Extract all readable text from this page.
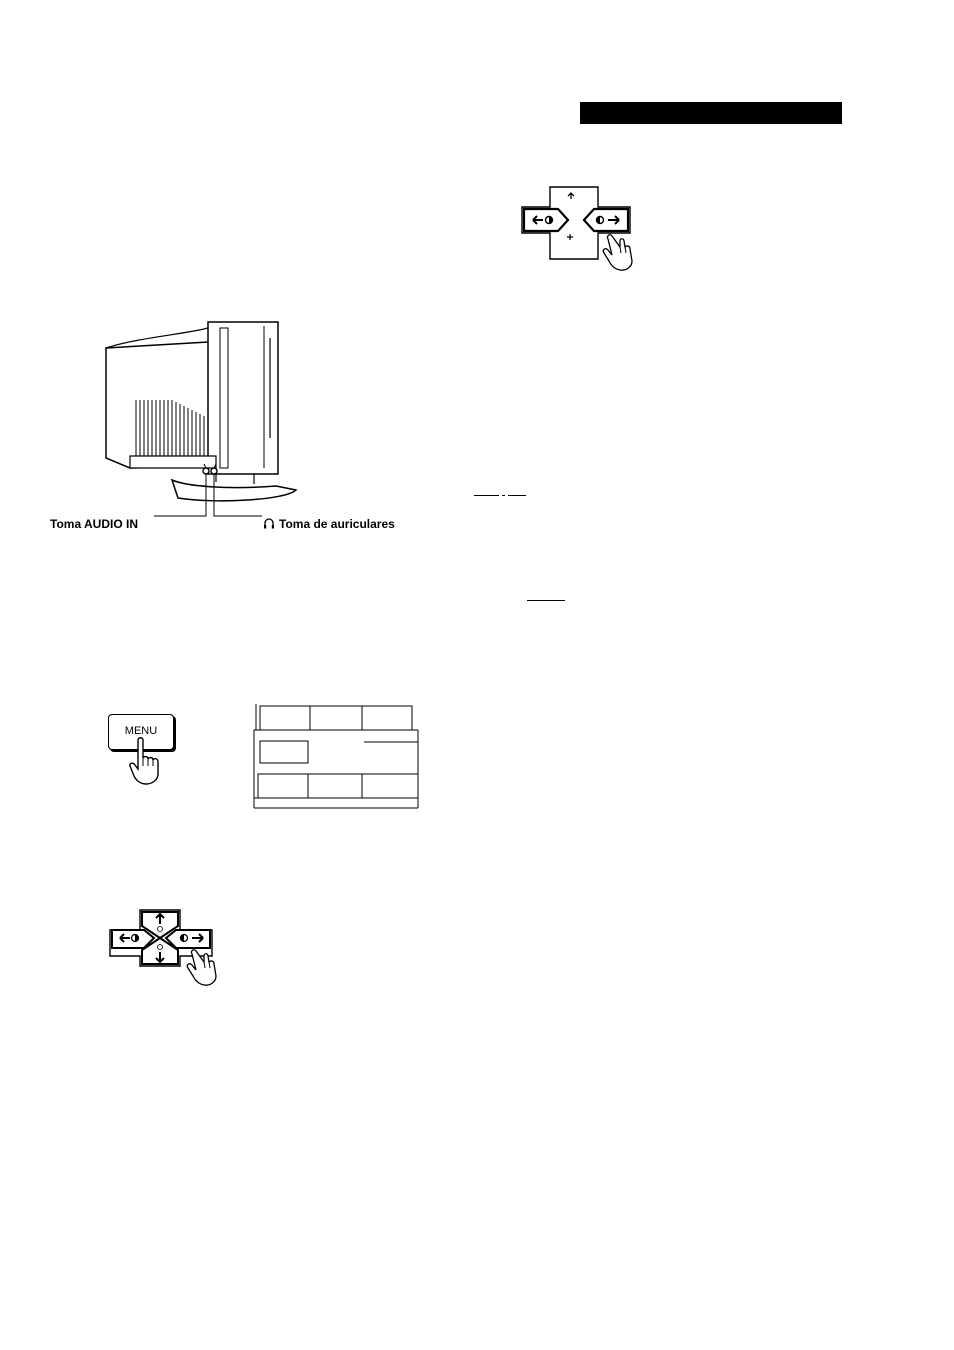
Toma AUDIO IN	Toma de auriculares
MENU
